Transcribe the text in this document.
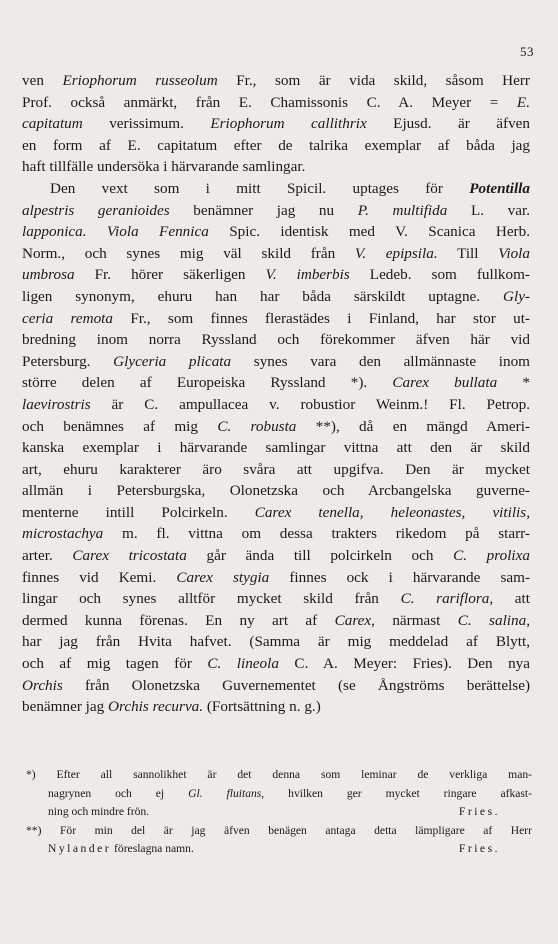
53
ven Eriophorum russeolum Fr., som är vida skild, såsom Herr
Prof. också anmärkt, från E. Chamissonis C. A. Meyer = E.
capitatum verissimum. Eriophorum callithrix Ejusd. är äfven
en form af E. capitatum efter de talrika exemplar af båda jag
haft tillfälle undersöka i härvarande samlingar.
Den vext som i mitt Spicil. uptages för Potentilla
alpestris geranioides benämner jag nu P. multifida L. var.
lapponica. Viola Fennica Spic. identisk med V. Scanica Herb.
Norm., och synes mig väl skild från V. epipsila. Till Viola
umbrosa Fr. hörer säkerligen V. imberbis Ledeb. som fullkom-
ligen synonym, ehuru han har båda särskildt uptagne. Gly-
ceria remota Fr., som finnes flerastädes i Finland, har stor ut-
bredning inom norra Ryssland och förekommer äfven här vid
Petersburg. Glyceria plicata synes vara den allmännaste inom
större delen af Europeiska Ryssland *). Carex bullata *
laevirostris är C. ampullacea v. robustior Weinm.! Fl. Petrop.
och benämnes af mig C. robusta **), då en mängd Ameri-
kanska exemplar i härvarande samlingar vittna att den är skild
art, ehuru karakterer äro svåra att upgifva. Den är mycket
allmän i Petersburgska, Olonetzska och Arcbangelska guverne-
menterne intill Polcirkeln. Carex tenella, heleonastes, vitilis,
microstachya m. fl. vittna om dessa trakters rikedom på starr-
arter. Carex tricostata går ända till polcirkeln och C. prolixa
finnes vid Kemi. Carex stygia finnes ock i härvarande sam-
lingar och synes alltför mycket skild från C. rariflora, att
dermed kunna förenas. En ny art af Carex, närmast C. salina,
har jag från Hvita hafvet. (Samma är mig meddelad af Blytt,
och af mig tagen för C. lineola C. A. Meyer: Fries). Den nya
Orchis från Olonetzska Guvernementet (se Ångströms berättelse)
benämner jag Orchis recurva. (Fortsättning n. g.)
*) Efter all sannolikhet är det denna som leminar de verkliga man-
nagrynen och ej Gl. fluitans, hvilken ger mycket ringare afkast-
ning och mindre frön.	Fries.
**) För min del är jag äfven benägen antaga detta lämpligare af Herr
Nylander föreslagna namn.	Fries.
